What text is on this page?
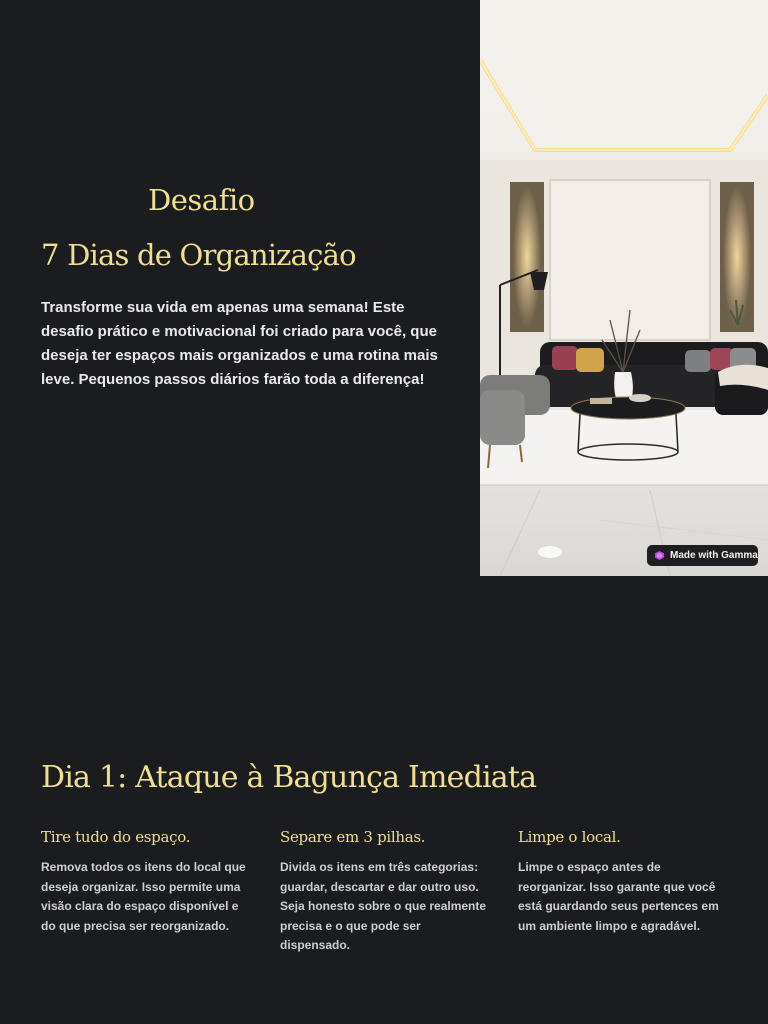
Desafio
7 Dias de Organização
Transforme sua vida em apenas uma semana! Este desafio prático e motivacional foi criado para você, que deseja ter espaços mais organizados e uma rotina mais leve. Pequenos passos diários farão toda a diferença!
Made with Gamma
Dia 1: Ataque à Bagunça Imediata
Tire tudo do espaço.
Remova todos os itens do local que deseja organizar. Isso permite uma visão clara do espaço disponível e do que precisa ser reorganizado.
Separe em 3 pilhas.
Divida os itens em três categorias: guardar, descartar e dar outro uso. Seja honesto sobre o que realmente precisa e o que pode ser dispensado.
Limpe o local.
Limpe o espaço antes de reorganizar. Isso garante que você está guardando seus pertences em um ambiente limpo e agradável.
